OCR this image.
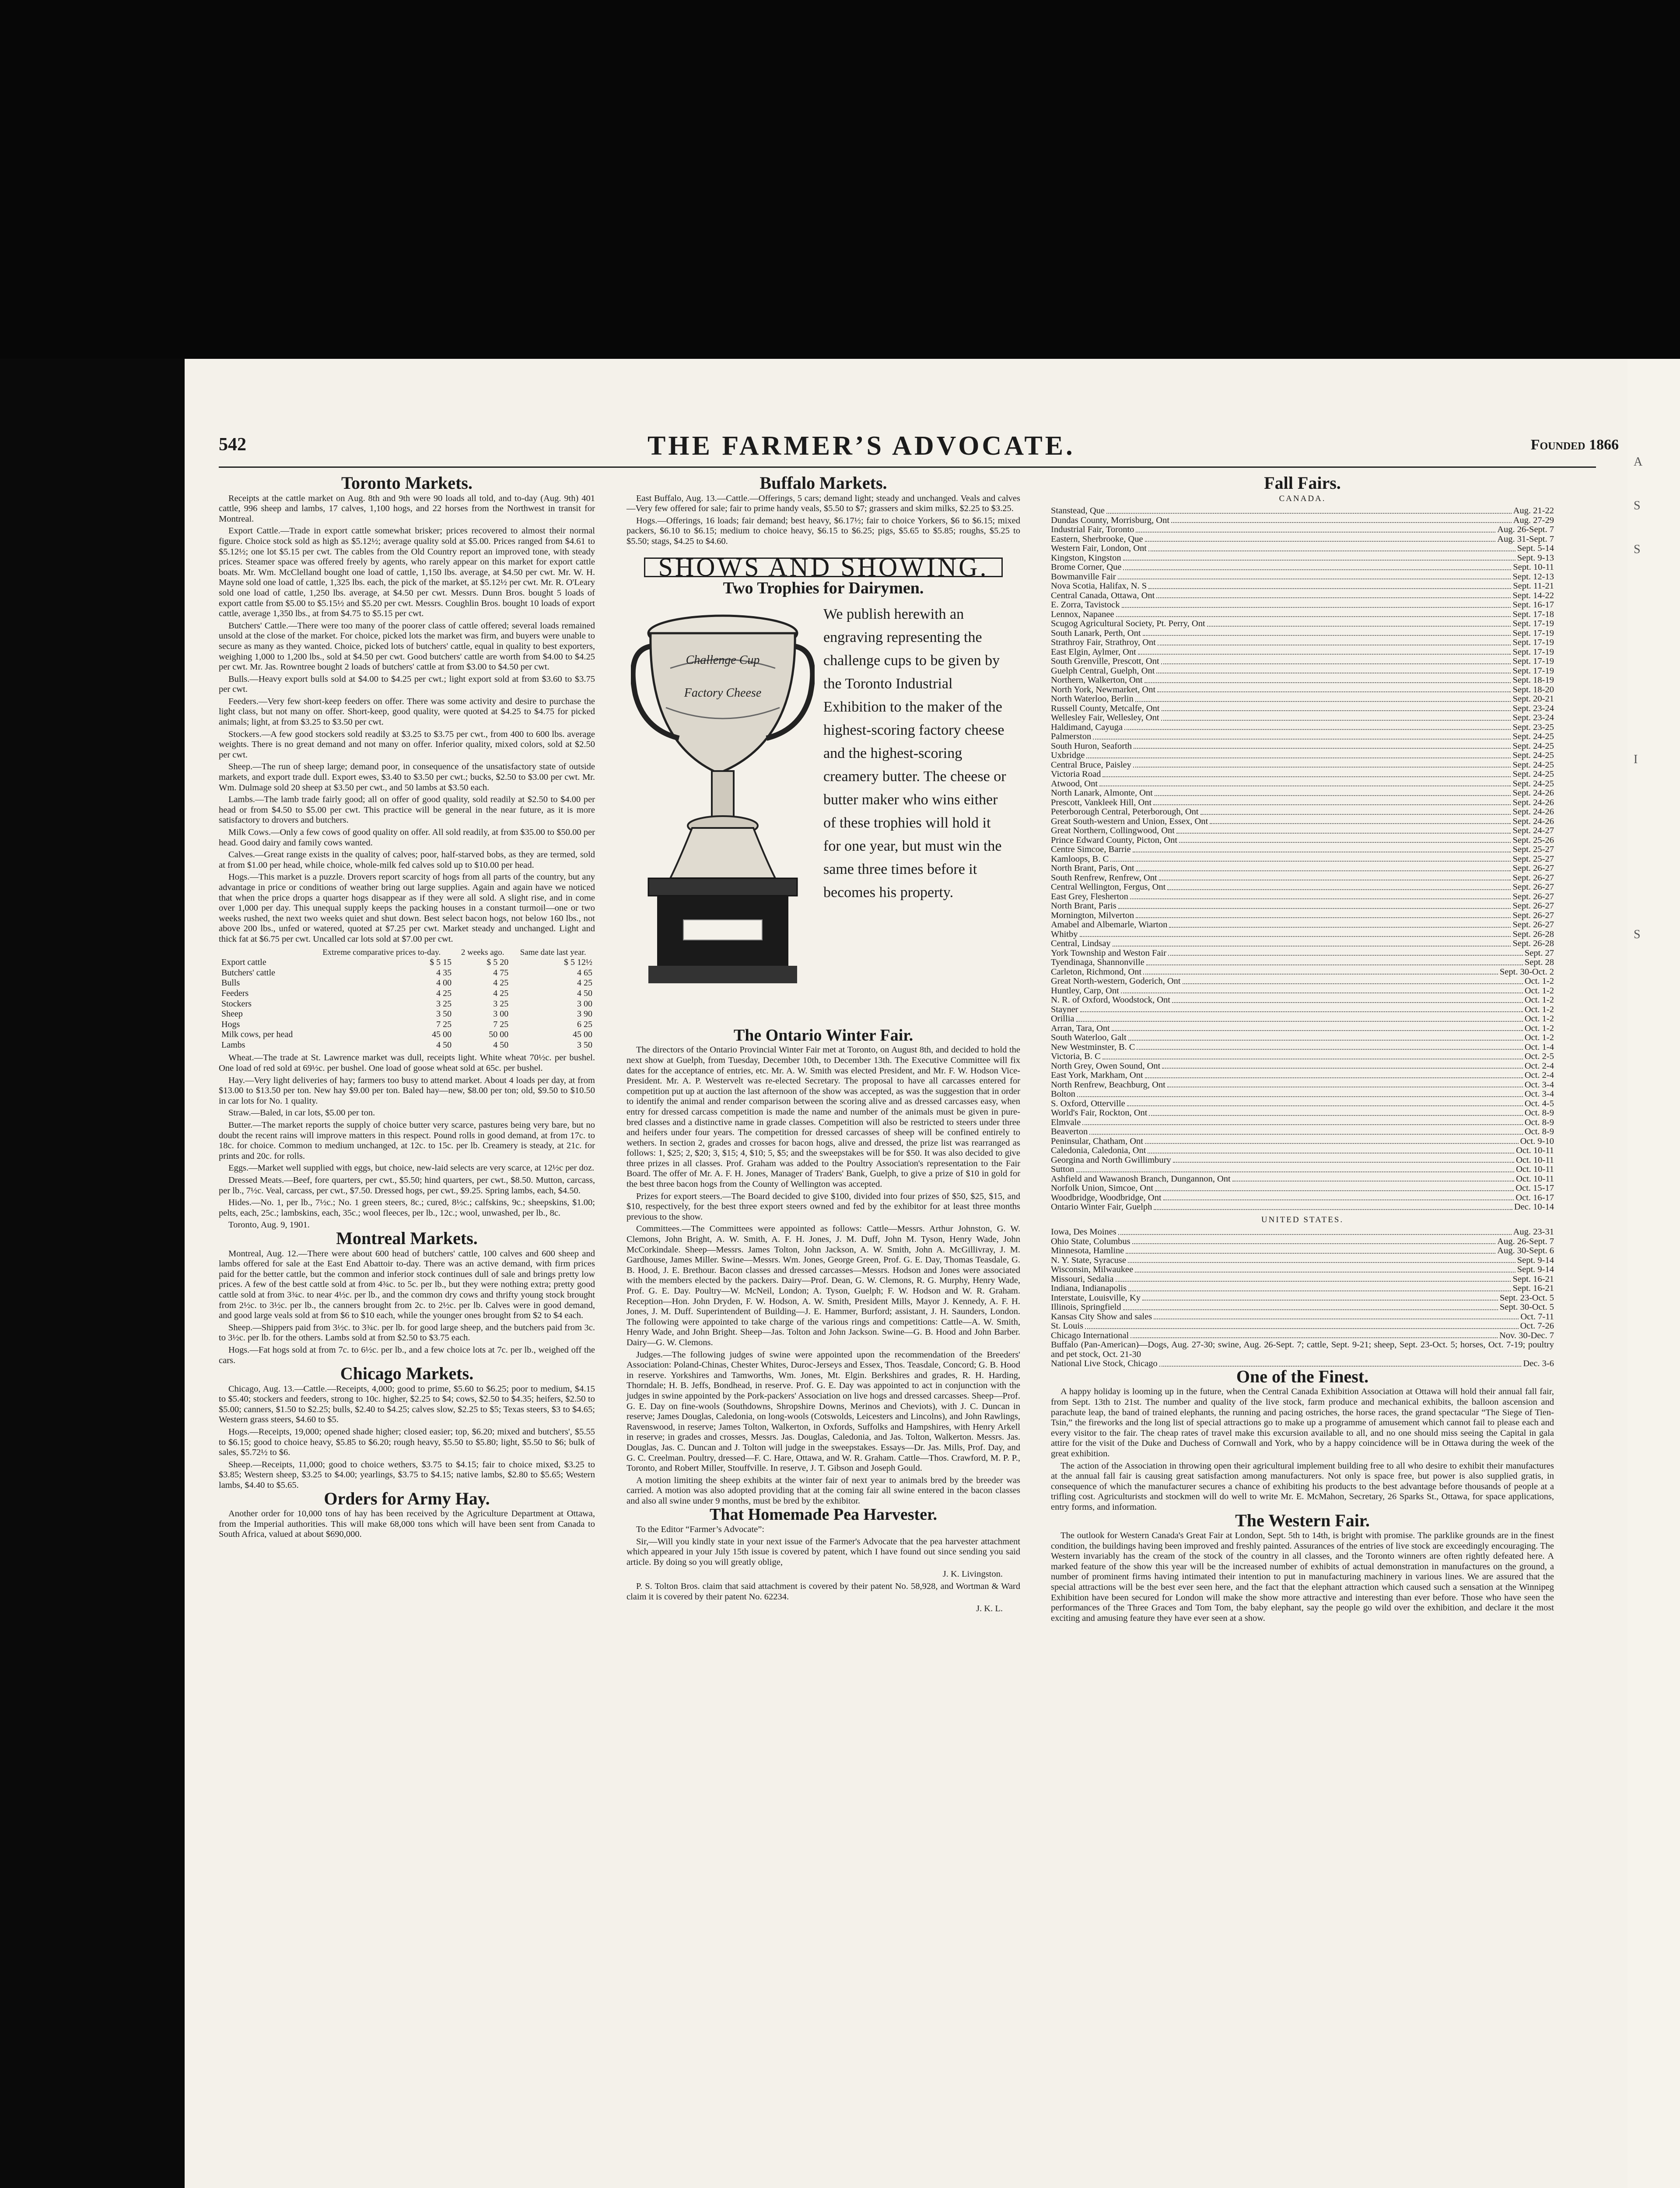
A
S
S
I
S
542	THE FARMER’S ADVOCATE.	Founded 1866
Toronto Markets.

Receipts at the cattle market on Aug. 8th and 9th were 90 loads all told, and to-day (Aug. 9th) 401 cattle, 996 sheep and lambs, 17 calves, 1,100 hogs, and 22 horses from the Northwest in transit for Montreal.

Export Cattle.—Trade in export cattle somewhat brisker; prices recovered to almost their normal figure. Choice stock sold as high as $5.12½; average quality sold at $5.00. Prices ranged from $4.61 to $5.12½; one lot $5.15 per cwt. The cables from the Old Country report an improved tone, with steady prices. Steamer space was offered freely by agents, who rarely appear on this market for export cattle boats. Mr. Wm. McClelland bought one load of cattle, 1,150 lbs. average, at $4.50 per cwt. Mr. W. H. Mayne sold one load of cattle, 1,325 lbs. each, the pick of the market, at $5.12½ per cwt. Mr. R. O'Leary sold one load of cattle, 1,250 lbs. average, at $4.50 per cwt. Messrs. Dunn Bros. bought 5 loads of export cattle from $5.00 to $5.15½ and $5.20 per cwt. Messrs. Coughlin Bros. bought 10 loads of export cattle, average 1,350 lbs., at from $4.75 to $5.15 per cwt.

Butchers' Cattle.—There were too many of the poorer class of cattle offered; several loads remained unsold at the close of the market. For choice, picked lots the market was firm, and buyers were unable to secure as many as they wanted. Choice, picked lots of butchers' cattle, equal in quality to best exporters, weighing 1,000 to 1,200 lbs., sold at $4.50 per cwt. Good butchers' cattle are worth from $4.00 to $4.25 per cwt. Mr. Jas. Rowntree bought 2 loads of butchers' cattle at from $3.00 to $4.50 per cwt.

Bulls.—Heavy export bulls sold at $4.00 to $4.25 per cwt.; light export sold at from $3.60 to $3.75 per cwt.

Feeders.—Very few short-keep feeders on offer. There was some activity and desire to purchase the light class, but not many on offer. Short-keep, good quality, were quoted at $4.25 to $4.75 for picked animals; light, at from $3.25 to $3.50 per cwt.

Stockers.—A few good stockers sold readily at $3.25 to $3.75 per cwt., from 400 to 600 lbs. average weights. There is no great demand and not many on offer. Inferior quality, mixed colors, sold at $2.50 per cwt.

Sheep.—The run of sheep large; demand poor, in consequence of the unsatisfactory state of outside markets, and export trade dull. Export ewes, $3.40 to $3.50 per cwt.; bucks, $2.50 to $3.00 per cwt. Mr. Wm. Dulmage sold 20 sheep at $3.50 per cwt., and 50 lambs at $3.50 each.

Lambs.—The lamb trade fairly good; all on offer of good quality, sold readily at $2.50 to $4.00 per head or from $4.50 to $5.00 per cwt. This practice will be general in the near future, as it is more satisfactory to drovers and butchers.

Milk Cows.—Only a few cows of good quality on offer. All sold readily, at from $35.00 to $50.00 per head. Good dairy and family cows wanted.

Calves.—Great range exists in the quality of calves; poor, half-starved bobs, as they are termed, sold at from $1.00 per head, while choice, whole-milk fed calves sold up to $10.00 per head.

Hogs.—This market is a puzzle. Drovers report scarcity of hogs from all parts of the country, but any advantage in price or conditions of weather bring out large supplies. Again and again have we noticed that when the price drops a quarter hogs disappear as if they were all sold. A slight rise, and in come over 1,000 per day. This unequal supply keeps the packing houses in a constant turmoil—one or two weeks rushed, the next two weeks quiet and shut down. Best select bacon hogs, not below 160 lbs., not above 200 lbs., unfed or watered, quoted at $7.25 per cwt. Market steady and unchanged. Light and thick fat at $6.75 per cwt. Uncalled car lots sold at $7.00 per cwt.

	Extreme comparative prices to-day.	2 weeks ago.	Same date last year.
Export cattle	$ 5 15	$ 5 20	$ 5 12½
Butchers' cattle	4 35	4 75	4 65
Bulls	4 00	4 25	4 25
Feeders	4 25	4 25	4 50
Stockers	3 25	3 25	3 00
Sheep	3 50	3 00	3 90
Hogs	7 25	7 25	6 25
Milk cows, per head	45 00	50 00	45 00
Lambs	4 50	4 50	3 50

Wheat.—The trade at St. Lawrence market was dull, receipts light. White wheat 70½c. per bushel. One load of red sold at 69½c. per bushel. One load of goose wheat sold at 65c. per bushel.

Hay.—Very light deliveries of hay; farmers too busy to attend market. About 4 loads per day, at from $13.00 to $13.50 per ton. New hay $9.00 per ton. Baled hay—new, $8.00 per ton; old, $9.50 to $10.50 in car lots for No. 1 quality.

Straw.—Baled, in car lots, $5.00 per ton.

Butter.—The market reports the supply of choice butter very scarce, pastures being very bare, but no doubt the recent rains will improve matters in this respect. Pound rolls in good demand, at from 17c. to 18c. for choice. Common to medium unchanged, at 12c. to 15c. per lb. Creamery is steady, at 21c. for prints and 20c. for rolls.

Eggs.—Market well supplied with eggs, but choice, new-laid selects are very scarce, at 12½c per doz.

Dressed Meats.—Beef, fore quarters, per cwt., $5.50; hind quarters, per cwt., $8.50. Mutton, carcass, per lb., 7½c. Veal, carcass, per cwt., $7.50. Dressed hogs, per cwt., $9.25. Spring lambs, each, $4.50.

Hides.—No. 1, per lb., 7½c.; No. 1 green steers, 8c.; cured, 8½c.; calfskins, 9c.; sheepskins, $1.00; pelts, each, 25c.; lambskins, each, 35c.; wool fleeces, per lb., 12c.; wool, unwashed, per lb., 8c.

Toronto, Aug. 9, 1901.

Montreal Markets.

Montreal, Aug. 12.—There were about 600 head of butchers' cattle, 100 calves and 600 sheep and lambs offered for sale at the East End Abattoir to-day. There was an active demand, with firm prices paid for the better cattle, but the common and inferior stock continues dull of sale and brings pretty low prices. A few of the best cattle sold at from 4¾c. to 5c. per lb., but they were nothing extra; pretty good cattle sold at from 3¾c. to near 4½c. per lb., and the common dry cows and thrifty young stock brought from 2½c. to 3½c. per lb., the canners brought from 2c. to 2½c. per lb. Calves were in good demand, and good large veals sold at from $6 to $10 each, while the younger ones brought from $2 to $4 each.

Sheep.—Shippers paid from 3½c. to 3¾c. per lb. for good large sheep, and the butchers paid from 3c. to 3½c. per lb. for the others. Lambs sold at from $2.50 to $3.75 each.

Hogs.—Fat hogs sold at from 7c. to 6½c. per lb., and a few choice lots at 7c. per lb., weighed off the cars.

Chicago Markets.

Chicago, Aug. 13.—Cattle.—Receipts, 4,000; good to prime, $5.60 to $6.25; poor to medium, $4.15 to $5.40; stockers and feeders, strong to 10c. higher, $2.25 to $4; cows, $2.50 to $4.35; heifers, $2.50 to $5.00; canners, $1.50 to $2.25; bulls, $2.40 to $4.25; calves slow, $2.25 to $5; Texas steers, $3 to $4.65; Western grass steers, $4.60 to $5.

Hogs.—Receipts, 19,000; opened shade higher; closed easier; top, $6.20; mixed and butchers', $5.55 to $6.15; good to choice heavy, $5.85 to $6.20; rough heavy, $5.50 to $5.80; light, $5.50 to $6; bulk of sales, $5.72½ to $6.

Sheep.—Receipts, 11,000; good to choice wethers, $3.75 to $4.15; fair to choice mixed, $3.25 to $3.85; Western sheep, $3.25 to $4.00; yearlings, $3.75 to $4.15; native lambs, $2.80 to $5.65; Western lambs, $4.40 to $5.65.

Orders for Army Hay.

Another order for 10,000 tons of hay has been received by the Agriculture Department at Ottawa, from the Imperial authorities. This will make 68,000 tons which will have been sent from Canada to South Africa, valued at about $690,000.

Buffalo Markets.

East Buffalo, Aug. 13.—Cattle.—Offerings, 5 cars; demand light; steady and unchanged. Veals and calves—Very few offered for sale; fair to prime handy veals, $5.50 to $7; grassers and skim milks, $2.25 to $3.25.

Hogs.—Offerings, 16 loads; fair demand; best heavy, $6.17½; fair to choice Yorkers, $6 to $6.15; mixed packers, $6.10 to $6.15; medium to choice heavy, $6.15 to $6.25; pigs, $5.65 to $5.85; roughs, $5.25 to $5.50; stags, $4.25 to $4.60.

SHOWS AND SHOWING.
Two Trophies for Dairymen.
Challenge Cup
Factory Cheese
We publish herewith an engraving representing the challenge cups to be given by the Toronto Industrial Exhibition to the maker of the highest-scoring factory cheese and the highest-scoring creamery butter. The cheese or butter maker who wins either of these trophies will hold it for one year, but must win the same three times before it becomes his property.
The Ontario Winter Fair.

The directors of the Ontario Provincial Winter Fair met at Toronto, on August 8th, and decided to hold the next show at Guelph, from Tuesday, December 10th, to December 13th. The Executive Committee will fix dates for the acceptance of entries, etc. Mr. A. W. Smith was elected President, and Mr. F. W. Hodson Vice-President. Mr. A. P. Westervelt was re-elected Secretary. The proposal to have all carcasses entered for competition put up at auction the last afternoon of the show was accepted, as was the suggestion that in order to identify the animal and render comparison between the scoring alive and as dressed carcasses easy, when entry for dressed carcass competition is made the name and number of the animals must be given in pure-bred classes and a distinctive name in grade classes. Competition will also be restricted to steers under three and heifers under four years. The competition for dressed carcasses of sheep will be confined entirely to wethers. In section 2, grades and crosses for bacon hogs, alive and dressed, the prize list was rearranged as follows: 1, $25; 2, $20; 3, $15; 4, $10; 5, $5; and the sweepstakes will be for $50. It was also decided to give three prizes in all classes. Prof. Graham was added to the Poultry Association's representation to the Fair Board. The offer of Mr. A. F. H. Jones, Manager of Traders' Bank, Guelph, to give a prize of $10 in gold for the best three bacon hogs from the County of Wellington was accepted.

Prizes for export steers.—The Board decided to give $100, divided into four prizes of $50, $25, $15, and $10, respectively, for the best three export steers owned and fed by the exhibitor for at least three months previous to the show.

Committees.—The Committees were appointed as follows: Cattle—Messrs. Arthur Johnston, G. W. Clemons, John Bright, A. W. Smith, A. F. H. Jones, J. M. Duff, John M. Tyson, Henry Wade, John McCorkindale. Sheep—Messrs. James Tolton, John Jackson, A. W. Smith, John A. McGillivray, J. M. Gardhouse, James Miller. Swine—Messrs. Wm. Jones, George Green, Prof. G. E. Day, Thomas Teasdale, G. B. Hood, J. E. Brethour. Bacon classes and dressed carcasses—Messrs. Hodson and Jones were associated with the members elected by the packers. Dairy—Prof. Dean, G. W. Clemons, R. G. Murphy, Henry Wade, Prof. G. E. Day. Poultry—W. McNeil, London; A. Tyson, Guelph; F. W. Hodson and W. R. Graham. Reception—Hon. John Dryden, F. W. Hodson, A. W. Smith, President Mills, Mayor J. Kennedy, A. F. H. Jones, J. M. Duff. Superintendent of Building—J. E. Hammer, Burford; assistant, J. H. Saunders, London. The following were appointed to take charge of the various rings and competitions: Cattle—A. W. Smith, Henry Wade, and John Bright. Sheep—Jas. Tolton and John Jackson. Swine—G. B. Hood and John Barber. Dairy—G. W. Clemons.

Judges.—The following judges of swine were appointed upon the recommendation of the Breeders' Association: Poland-Chinas, Chester Whites, Duroc-Jerseys and Essex, Thos. Teasdale, Concord; G. B. Hood in reserve. Yorkshires and Tamworths, Wm. Jones, Mt. Elgin. Berkshires and grades, R. H. Harding, Thorndale; H. B. Jeffs, Bondhead, in reserve. Prof. G. E. Day was appointed to act in conjunction with the judges in swine appointed by the Pork-packers' Association on live hogs and dressed carcasses. Sheep—Prof. G. E. Day on fine-wools (Southdowns, Shropshire Downs, Merinos and Cheviots), with J. C. Duncan in reserve; James Douglas, Caledonia, on long-wools (Cotswolds, Leicesters and Lincolns), and John Rawlings, Ravenswood, in reserve; James Tolton, Walkerton, in Oxfords, Suffolks and Hampshires, with Henry Arkell in reserve; in grades and crosses, Messrs. Jas. Douglas, Caledonia, and Jas. Tolton, Walkerton. Messrs. Jas. Douglas, Jas. C. Duncan and J. Tolton will judge in the sweepstakes. Essays—Dr. Jas. Mills, Prof. Day, and G. C. Creelman. Poultry, dressed—F. C. Hare, Ottawa, and W. R. Graham. Cattle—Thos. Crawford, M. P. P., Toronto, and Robert Miller, Stouffville. In reserve, J. T. Gibson and Joseph Gould.

A motion limiting the sheep exhibits at the winter fair of next year to animals bred by the breeder was carried. A motion was also adopted providing that at the coming fair all swine entered in the bacon classes and also all swine under 9 months, must be bred by the exhibitor.

That Homemade Pea Harvester.

To the Editor “Farmer’s Advocate”:

Sir,—Will you kindly state in your next issue of the Farmer's Advocate that the pea harvester attachment which appeared in your July 15th issue is covered by patent, which I have found out since sending you said article. By doing so you will greatly oblige,

J. K. Livingston.

P. S. Tolton Bros. claim that said attachment is covered by their patent No. 58,928, and Wortman & Ward claim it is covered by their patent No. 62234.

J. K. L.

Fall Fairs.
CANADA.
Stanstead, Que	Aug. 21-22
Dundas County, Morrisburg, Ont	Aug. 27-29
Industrial Fair, Toronto	Aug. 26-Sept. 7
Eastern, Sherbrooke, Que	Aug. 31-Sept. 7
Western Fair, London, Ont	Sept. 5-14
Kingston, Kingston	Sept. 9-13
Brome Corner, Que	Sept. 10-11
Bowmanville Fair	Sept. 12-13
Nova Scotia, Halifax, N. S	Sept. 11-21
Central Canada, Ottawa, Ont	Sept. 14-22
E. Zorra, Tavistock	Sept. 16-17
Lennox, Napanee	Sept. 17-18
Scugog Agricultural Society, Pt. Perry, Ont	Sept. 17-19
South Lanark, Perth, Ont	Sept. 17-19
Strathroy Fair, Strathroy, Ont	Sept. 17-19
East Elgin, Aylmer, Ont	Sept. 17-19
South Grenville, Prescott, Ont	Sept. 17-19
Guelph Central, Guelph, Ont	Sept. 17-19
Northern, Walkerton, Ont	Sept. 18-19
North York, Newmarket, Ont	Sept. 18-20
North Waterloo, Berlin	Sept. 20-21
Russell County, Metcalfe, Ont	Sept. 23-24
Wellesley Fair, Wellesley, Ont	Sept. 23-24
Haldimand, Cayuga	Sept. 23-25
Palmerston	Sept. 24-25
South Huron, Seaforth	Sept. 24-25
Uxbridge	Sept. 24-25
Central Bruce, Paisley	Sept. 24-25
Victoria Road	Sept. 24-25
Atwood, Ont	Sept. 24-25
North Lanark, Almonte, Ont	Sept. 24-26
Prescott, Vankleek Hill, Ont	Sept. 24-26
Peterborough Central, Peterborough, Ont	Sept. 24-26
Great South-western and Union, Essex, Ont	Sept. 24-26
Great Northern, Collingwood, Ont	Sept. 24-27
Prince Edward County, Picton, Ont	Sept. 25-26
Centre Simcoe, Barrie	Sept. 25-27
Kamloops, B. C	Sept. 25-27
North Brant, Paris, Ont	Sept. 26-27
South Renfrew, Renfrew, Ont	Sept. 26-27
Central Wellington, Fergus, Ont	Sept. 26-27
East Grey, Flesherton	Sept. 26-27
North Brant, Paris	Sept. 26-27
Mornington, Milverton	Sept. 26-27
Amabel and Albemarle, Wiarton	Sept. 26-27
Whitby	Sept. 26-28
Central, Lindsay	Sept. 26-28
York Township and Weston Fair	Sept. 27
Tyendinaga, Shannonville	Sept. 28
Carleton, Richmond, Ont	Sept. 30-Oct. 2
Great North-western, Goderich, Ont	Oct. 1-2
Huntley, Carp, Ont	Oct. 1-2
N. R. of Oxford, Woodstock, Ont	Oct. 1-2
Stayner	Oct. 1-2
Orillia	Oct. 1-2
Arran, Tara, Ont	Oct. 1-2
South Waterloo, Galt	Oct. 1-2
New Westminster, B. C	Oct. 1-4
Victoria, B. C	Oct. 2-5
North Grey, Owen Sound, Ont	Oct. 2-4
East York, Markham, Ont	Oct. 2-4
North Renfrew, Beachburg, Ont	Oct. 3-4
Bolton	Oct. 3-4
S. Oxford, Otterville	Oct. 4-5
World's Fair, Rockton, Ont	Oct. 8-9
Elmvale	Oct. 8-9
Beaverton	Oct. 8-9
Peninsular, Chatham, Ont	Oct. 9-10
Caledonia, Caledonia, Ont	Oct. 10-11
Georgina and North Gwillimbury	Oct. 10-11
Sutton	Oct. 10-11
Ashfield and Wawanosh Branch, Dungannon, Ont	Oct. 10-11
Norfolk Union, Simcoe, Ont	Oct. 15-17
Woodbridge, Woodbridge, Ont	Oct. 16-17
Ontario Winter Fair, Guelph	Dec. 10-14
UNITED STATES.
Iowa, Des Moines	Aug. 23-31
Ohio State, Columbus	Aug. 26-Sept. 7
Minnesota, Hamline	Aug. 30-Sept. 6
N. Y. State, Syracuse	Sept. 9-14
Wisconsin, Milwaukee	Sept. 9-14
Missouri, Sedalia	Sept. 16-21
Indiana, Indianapolis	Sept. 16-21
Interstate, Louisville, Ky	Sept. 23-Oct. 5
Illinois, Springfield	Sept. 30-Oct. 5
Kansas City Show and sales	Oct. 7-11
St. Louis	Oct. 7-26
Chicago International	Nov. 30-Dec. 7
Buffalo (Pan-American)—Dogs, Aug. 27-30; swine, Aug. 26-Sept. 7; cattle, Sept. 9-21; sheep, Sept. 23-Oct. 5; horses, Oct. 7-19; poultry and pet stock, Oct. 21-30
National Live Stock, Chicago	Dec. 3-6
One of the Finest.

A happy holiday is looming up in the future, when the Central Canada Exhibition Association at Ottawa will hold their annual fall fair, from Sept. 13th to 21st. The number and quality of the live stock, farm produce and mechanical exhibits, the balloon ascension and parachute leap, the band of trained elephants, the running and pacing ostriches, the horse races, the grand spectacular “The Siege of Tien-Tsin,” the fireworks and the long list of special attractions go to make up a programme of amusement which cannot fail to please each and every visitor to the fair. The cheap rates of travel make this excursion available to all, and no one should miss seeing the Capital in gala attire for the visit of the Duke and Duchess of Cornwall and York, who by a happy coincidence will be in Ottawa during the week of the great exhibition.

The action of the Association in throwing open their agricultural implement building free to all who desire to exhibit their manufactures at the annual fall fair is causing great satisfaction among manufacturers. Not only is space free, but power is also supplied gratis, in consequence of which the manufacturer secures a chance of exhibiting his products to the best advantage before thousands of people at a trifling cost. Agriculturists and stockmen will do well to write Mr. E. McMahon, Secretary, 26 Sparks St., Ottawa, for space applications, entry forms, and information.

The Western Fair.

The outlook for Western Canada's Great Fair at London, Sept. 5th to 14th, is bright with promise. The parklike grounds are in the finest condition, the buildings having been improved and freshly painted. Assurances of the entries of live stock are exceedingly encouraging. The Western invariably has the cream of the stock of the country in all classes, and the Toronto winners are often rightly defeated here. A marked feature of the show this year will be the increased number of exhibits of actual demonstration in manufactures on the ground, a number of prominent firms having intimated their intention to put in manufacturing machinery in various lines. We are assured that the special attractions will be the best ever seen here, and the fact that the elephant attraction which caused such a sensation at the Winnipeg Exhibition have been secured for London will make the show more attractive and interesting than ever before. Those who have seen the performances of the Three Graces and Tom Tom, the baby elephant, say the people go wild over the exhibition, and declare it the most exciting and amusing feature they have ever seen at a show.
